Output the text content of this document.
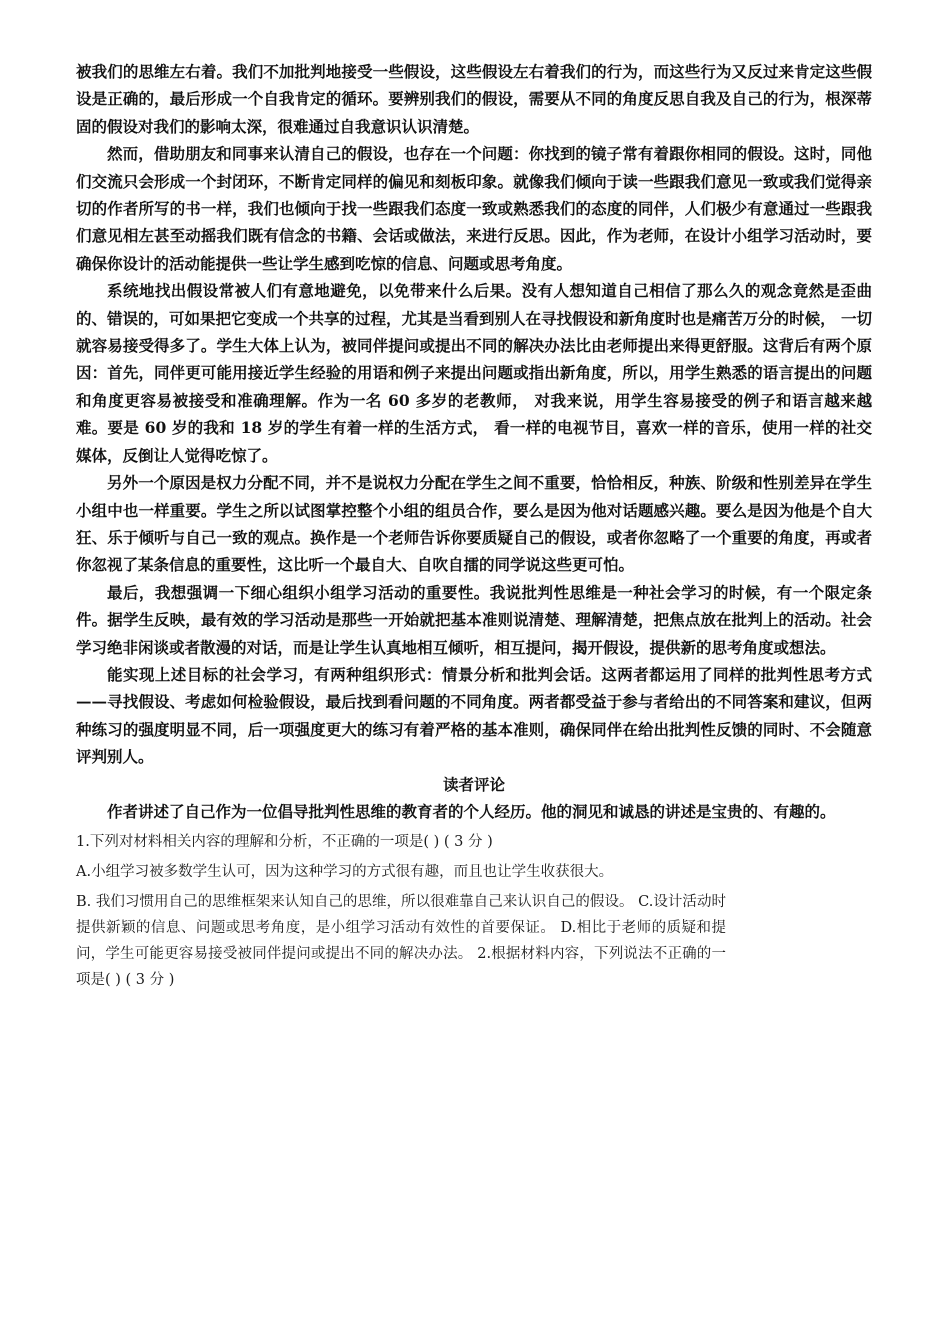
被我们的思维左右着。我们不加批判地接受一些假设，这些假设左右着我们的行为，而这些行为又反过来肯定这些假设是正确的，最后形成一个自我肯定的循环。要辨别我们的假设，需要从不同的角度反思自我及自己的行为，根深蒂固的假设对我们的影响太深，很难通过自我意识认识清楚。

然而，借助朋友和同事来认清自己的假设，也存在一个问题：你找到的镜子常有着跟你相同的假设。这时，同他们交流只会形成一个封闭环，不断肯定同样的偏见和刻板印象。就像我们倾向于读一些跟我们意见一致或我们觉得亲切的作者所写的书一样，我们也倾向于找一些跟我们态度一致或熟悉我们的态度的同伴，人们极少有意通过一些跟我们意见相左甚至动摇我们既有信念的书籍、会话或做法，来进行反思。因此，作为老师，在设计小组学习活动时，要确保你设计的活动能提供一些让学生感到吃惊的信息、问题或思考角度。

系统地找出假设常被人们有意地避免，以免带来什么后果。没有人想知道自己相信了那么久的观念竟然是歪曲的、错误的，可如果把它变成一个共享的过程，尤其是当看到别人在寻找假设和新角度时也是痛苦万分的时候， 一切就容易接受得多了。学生大体上认为，被同伴提问或提出不同的解决办法比由老师提出来得更舒服。这背后有两个原因：首先，同伴更可能用接近学生经验的用语和例子来提出问题或指出新角度，所以，用学生熟悉的语言提出的问题和角度更容易被接受和准确理解。作为一名 60 多岁的老教师， 对我来说，用学生容易接受的例子和语言越来越难。要是 60 岁的我和 18 岁的学生有着一样的生活方式， 看一样的电视节目，喜欢一样的音乐，使用一样的社交媒体，反倒让人觉得吃惊了。

另外一个原因是权力分配不同，并不是说权力分配在学生之间不重要，恰恰相反，种族、阶级和性别差异在学生小组中也一样重要。学生之所以试图掌控整个小组的组员合作，要么是因为他对话题感兴趣。要么是因为他是个自大狂、乐于倾听与自己一致的观点。换作是一个老师告诉你要质疑自己的假设，或者你忽略了一个重要的角度，再或者你忽视了某条信息的重要性，这比听一个最自大、自吹自擂的同学说这些更可怕。

最后，我想强调一下细心组织小组学习活动的重要性。我说批判性思维是一种社会学习的时候，有一个限定条件。据学生反映，最有效的学习活动是那些一开始就把基本准则说清楚、理解清楚，把焦点放在批判上的活动。社会学习绝非闲谈或者散漫的对话，而是让学生认真地相互倾听，相互提问，揭开假设，提供新的思考角度或想法。

能实现上述目标的社会学习，有两种组织形式：情景分析和批判会话。这两者都运用了同样的批判性思考方式——寻找假设、考虑如何检验假设，最后找到看问题的不同角度。两者都受益于参与者给出的不同答案和建议，但两种练习的强度明显不同，后一项强度更大的练习有着严格的基本准则，确保同伴在给出批判性反馈的同时、不会随意评判别人。

读者评论

作者讲述了自己作为一位倡导批判性思维的教育者的个人经历。他的洞见和诚恳的讲述是宝贵的、有趣的。

1.下列对材料相关内容的理解和分析，不正确的一项是( ) ( 3 分 )

A.小组学习被多数学生认可，因为这种学习的方式很有趣，而且也让学生收获很大。

B. 我们习惯用自己的思维框架来认知自己的思维，所以很难靠自己来认识自己的假设。 C.设计活动时提供新颖的信息、问题或思考角度，是小组学习活动有效性的首要保证。 D.相比于老师的质疑和提问，学生可能更容易接受被同伴提问或提出不同的解决办法。 2.根据材料内容，下列说法不正确的一项是( ) ( 3 分 )
